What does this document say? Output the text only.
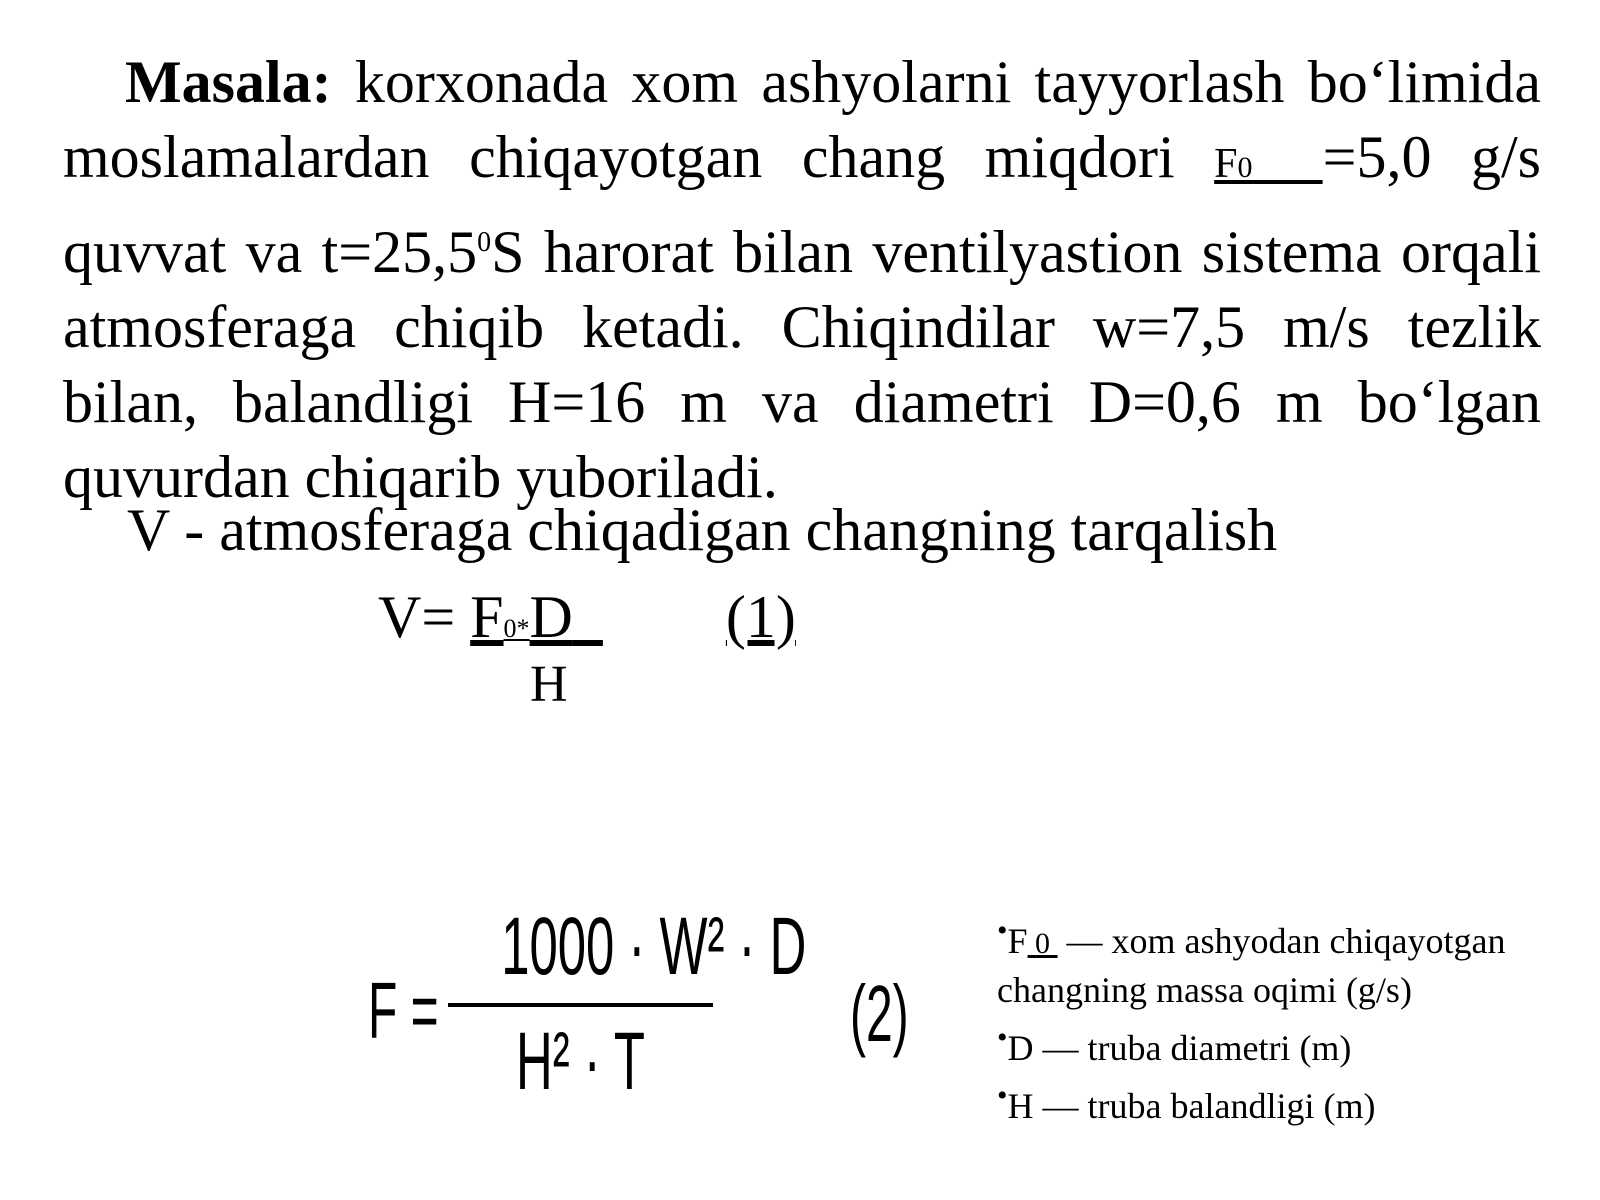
Masala: korxonada xom ashyolarni tayyorlash bo‘limida moslamalardan chiqayotgan chang miqdori F0 =5,0 g/s quvvat va $t=25,5^0S$ harorat bilan ventilyastion sistema orqali atmosferaga chiqib ketadi. Chiqindilar w=7,5 m/s tezlik bilan, balandligi H=16 m va diametri D=0,6 m bo‘lgan quvurdan chiqarib yuboriladi.

V - atmosferaga chiqadigan changning tarqalish

V= F0*D	(1)
H
F =
1000 · W² · D
H² · T
(2)
•F 0  — xom ashyodan chiqayotgan
changning massa oqimi (g/s)
•D — truba diametri (m)
•H — truba balandligi (m)
